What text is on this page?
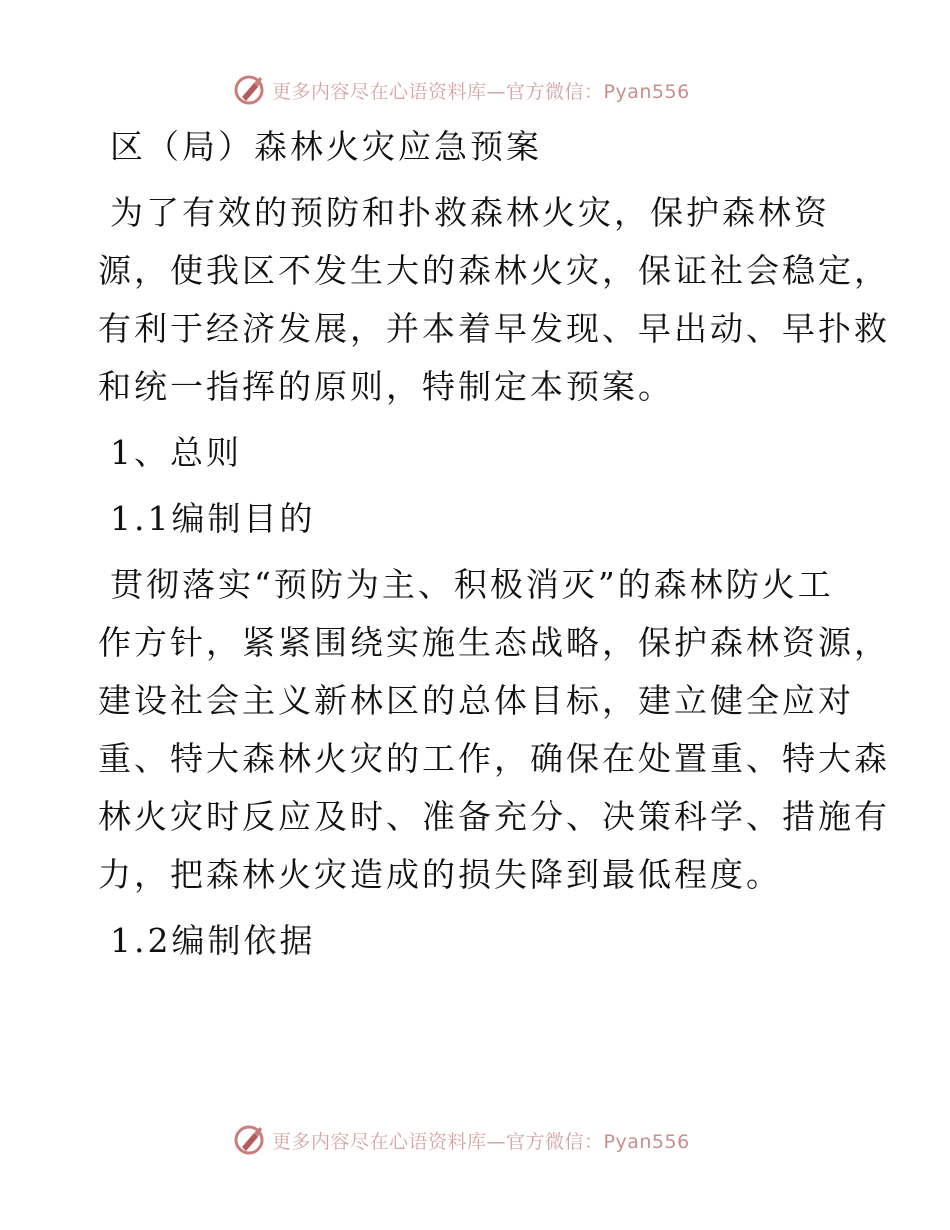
更多内容尽在心语资料库—官方微信：Pyan556
区（局）森林火灾应急预案
为了有效的预防和扑救森林火灾，保护森林资
源，使我区不发生大的森林火灾，保证社会稳定，
有利于经济发展，并本着早发现、早出动、早扑救
和统一指挥的原则，特制定本预案。
1、总则
1.1编制目的
贯彻落实“预防为主、积极消灭”的森林防火工
作方针，紧紧围绕实施生态战略，保护森林资源，
建设社会主义新林区的总体目标，建立健全应对
重、特大森林火灾的工作，确保在处置重、特大森
林火灾时反应及时、准备充分、决策科学、措施有
力，把森林火灾造成的损失降到最低程度。
1.2编制依据
更多内容尽在心语资料库—官方微信：Pyan556
